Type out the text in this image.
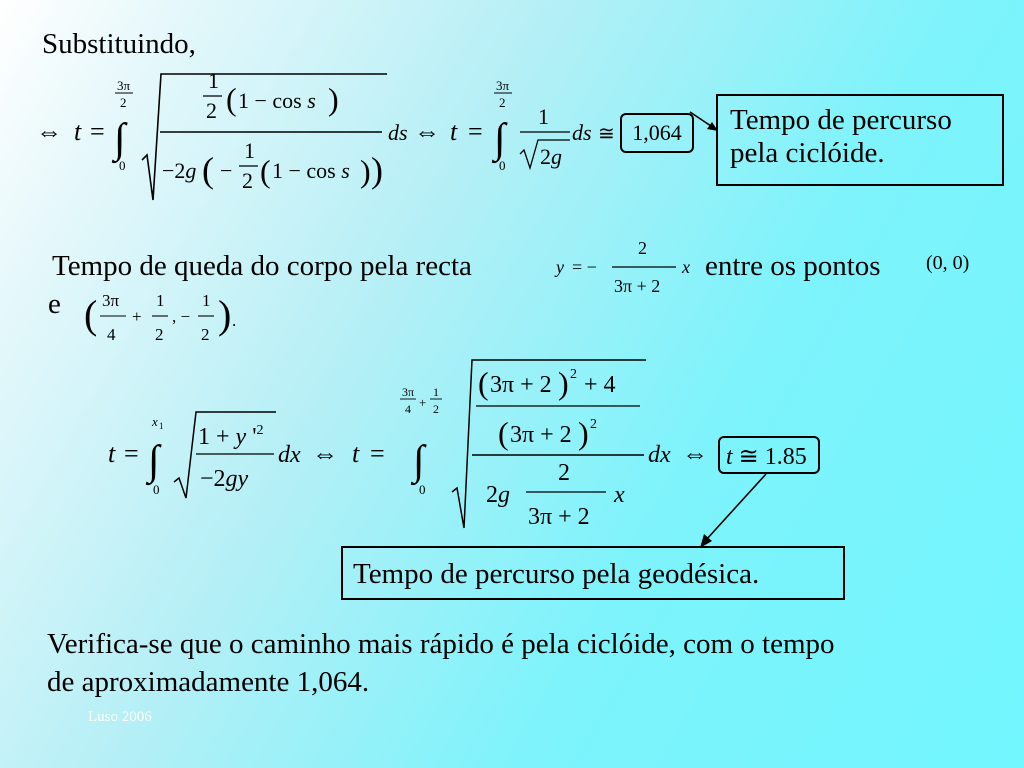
Substituindo,
⇔ t =
3π
2
∫
0
1
2 ( 1 − cos s )
−2g ( −
1
2 ( 1 − cos s ) )
ds ⇔ t =
3π
2
∫
0
1
2g
ds ≅ 1,064	Tempo de percurso
pela ciclóide.
Tempo de queda do corpo pela recta	y = −
2
3π + 2
x entre os pontos (0, 0)
e ( 3π
4
+
1
2
, −
1
2 ) .
t =
x 1
∫
0
1 + y '$^2$
−2gy
dx ⇔ t =
3π
4 +
1
2
∫
0
( 3π + 2 ) 2 + 4
( 3π + 2 ) 2
2g
2
3π + 2
x
dx ⇔ t ≅ 1.85
Tempo de percurso pela geodésica.
Verifica-se que o caminho mais rápido é pela ciclóide, com o tempo
de aproximadamente 1,064.
Luso 2006
